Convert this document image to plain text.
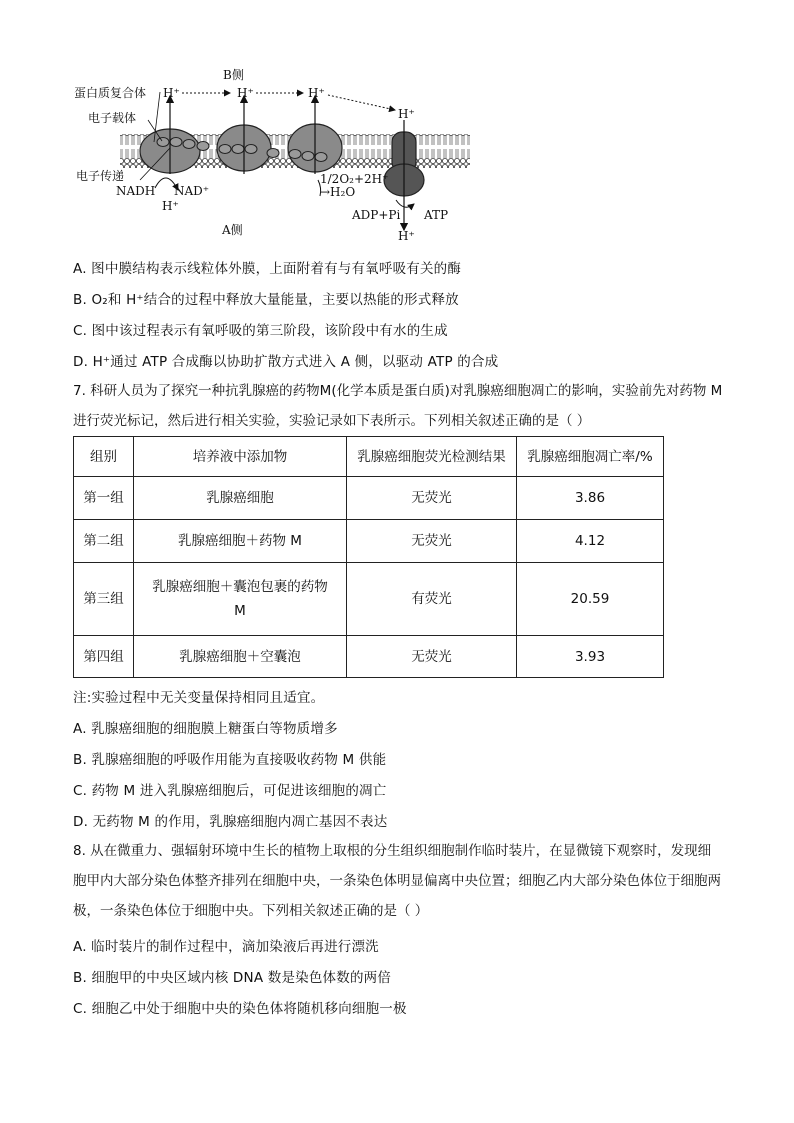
B侧
H⁺	H⁺	H⁺
H⁺
蛋白质复合体
电子载体
电子传递
NADH NAD⁺
H⁺
1/2O₂+2H⁺
→H₂O
ADP+Pi ATP
A侧	H⁺
A. 图中膜结构表示线粒体外膜，上面附着有与有氧呼吸有关的酶
B. O₂和 H⁺结合的过程中释放大量能量，主要以热能的形式释放
C. 图中该过程表示有氧呼吸的第三阶段，该阶段中有水的生成
D. H⁺通过 ATP 合成酶以协助扩散方式进入 A 侧，以驱动 ATP 的合成
7. 科研人员为了探究一种抗乳腺癌的药物M(化学本质是蛋白质)对乳腺癌细胞凋亡的影响，实验前先对药物 M 进行荧光标记，然后进行相关实验，实验记录如下表所示。下列相关叙述正确的是（ ）
组别	培养液中添加物	乳腺癌细胞荧光检测结果	乳腺癌细胞凋亡率/%
第一组	乳腺癌细胞	无荧光	3.86
第二组	乳腺癌细胞＋药物 M	无荧光	4.12
第三组	乳腺癌细胞＋囊泡包裹的药物 M	有荧光	20.59
第四组	乳腺癌细胞＋空囊泡	无荧光	3.93
注:实验过程中无关变量保持相同且适宜。
A. 乳腺癌细胞的细胞膜上糖蛋白等物质增多
B. 乳腺癌细胞的呼吸作用能为直接吸收药物 M 供能
C. 药物 M 进入乳腺癌细胞后，可促进该细胞的凋亡
D. 无药物 M 的作用，乳腺癌细胞内凋亡基因不表达
8. 从在微重力、强辐射环境中生长的植物上取根的分生组织细胞制作临时装片，在显微镜下观察时，发现细胞甲内大部分染色体整齐排列在细胞中央，一条染色体明显偏离中央位置；细胞乙内大部分染色体位于细胞两极，一条染色体位于细胞中央。下列相关叙述正确的是（ ）
A. 临时装片的制作过程中，滴加染液后再进行漂洗
B. 细胞甲的中央区域内核 DNA 数是染色体数的两倍
C. 细胞乙中处于细胞中央的染色体将随机移向细胞一极
